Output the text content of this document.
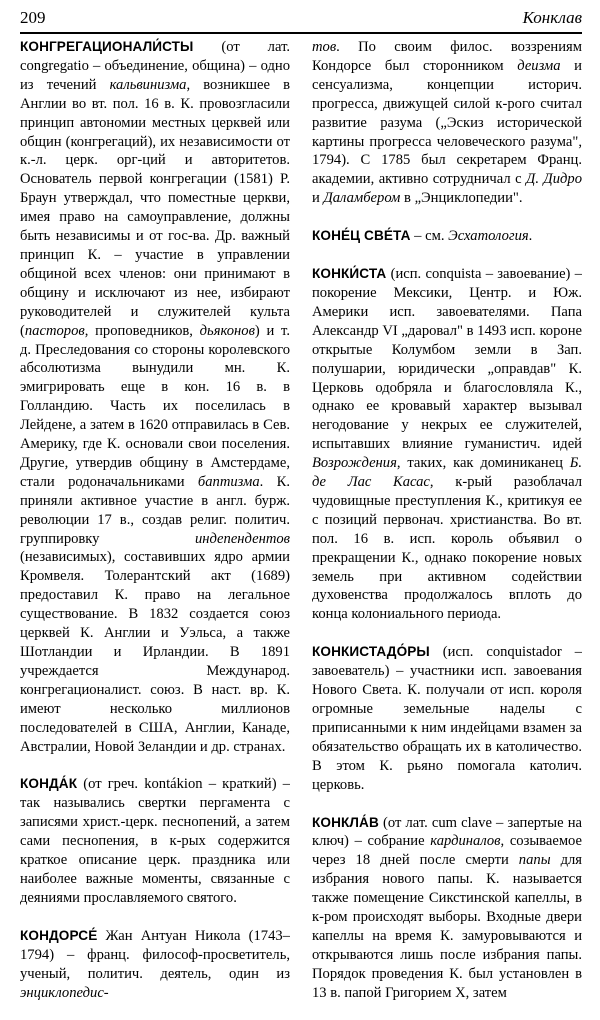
209	Конклав

КОНГРЕГАЦИОНАЛИ́СТЫ (от лат. congregatio – объединение, община) – одно из течений кальвинизма, возникшее в Англии во вт. пол. 16 в. К. провозгласили принцип автономии местных церквей или общин (конгрегаций), их независимости от к.-л. церк. орг-ций и авторитетов. Основатель первой конгрегации (1581) Р. Браун утверждал, что поместные церкви, имея право на самоуправление, должны быть независимы и от гос-ва. Др. важный принцип К. – участие в управлении общиной всех членов: они принимают в общину и исключают из нее, избирают руководителей и служителей культа (пасторов, проповедников, дьяконов) и т. д. Преследования со стороны королевского абсолютизма вынудили мн. К. эмигрировать еще в кон. 16 в. в Голландию. Часть их поселилась в Лейдене, а затем в 1620 отправилась в Сев. Америку, где К. основали свои поселения. Другие, утвердив общину в Амстердаме, стали родоначальниками баптизма. К. приняли активное участие в англ. бурж. революции 17 в., создав религ. политич. группировку индепендентов (независимых), составивших ядро армии Кромвеля. Толерантский акт (1689) предоставил К. право на легальное существование. В 1832 создается союз церквей К. Англии и Уэльса, а также Шотландии и Ирландии. В 1891 учреждается Международ. конгрегационалист. союз. В наст. вр. К. имеют несколько миллионов последователей в США, Англии, Канаде, Австралии, Новой Зеландии и др. странах.

КОНДА́К (от греч. kontákion – краткий) – так назывались свертки пергамента с записями христ.-церк. песнопений, а затем сами песнопения, в к-рых содержится краткое описание церк. праздника или наиболее важные моменты, связанные с деяниями прославляемого святого.

КОНДОРСЕ́ Жан Антуан Никола (1743–1794) – франц. философ-просветитель, ученый, политич. деятель, один из энциклопедис-

тов. По своим филос. воззрениям Кондорсе был сторонником деизма и сенсуализма, концепции историч. прогресса, движущей силой к-рого считал развитие разума („Эскиз исторической картины прогресса человеческого разума", 1794). С 1785 был секретарем Франц. академии, активно сотрудничал с Д. Дидро и Даламбером в „Энциклопедии".

КОНЕ́Ц СВЕ́ТА – см. Эсхатология.

КОНКИ́СТА (исп. conquista – завоевание) – покорение Мексики, Центр. и Юж. Америки исп. завоевателями. Папа Александр VI „даровал" в 1493 исп. короне открытые Колумбом земли в Зап. полушарии, юридически „оправдав" К. Церковь одобряла и благословляла К., однако ее кровавый характер вызывал негодование у некрых ее служителей, испытавших влияние гуманистич. идей Возрождения, таких, как доминиканец Б. де Лас Касас, к-рый разоблачал чудовищные преступления К., критикуя ее с позиций первонач. христианства. Во вт. пол. 16 в. исп. король объявил о прекращении К., однако покорение новых земель при активном содействии духовенства продолжалось вплоть до конца колониального периода.

КОНКИСТАДО́РЫ (исп. conquistador – завоеватель) – участники исп. завоевания Нового Света. К. получали от исп. короля огромные земельные наделы с приписанными к ним индейцами взамен за обязательство обращать их в католичество. В этом К. рьяно помогала католич. церковь.

КОНКЛА́В (от лат. cum clave – запертые на ключ) – собрание кардиналов, созываемое через 18 дней после смерти папы для избрания нового папы. К. называется также помещение Сикстинской капеллы, в к-ром происходят выборы. Входные двери капеллы на время К. замуровываются и открываются лишь после избрания папы. Порядок проведения К. был установлен в 13 в. папой Григорием X, затем
